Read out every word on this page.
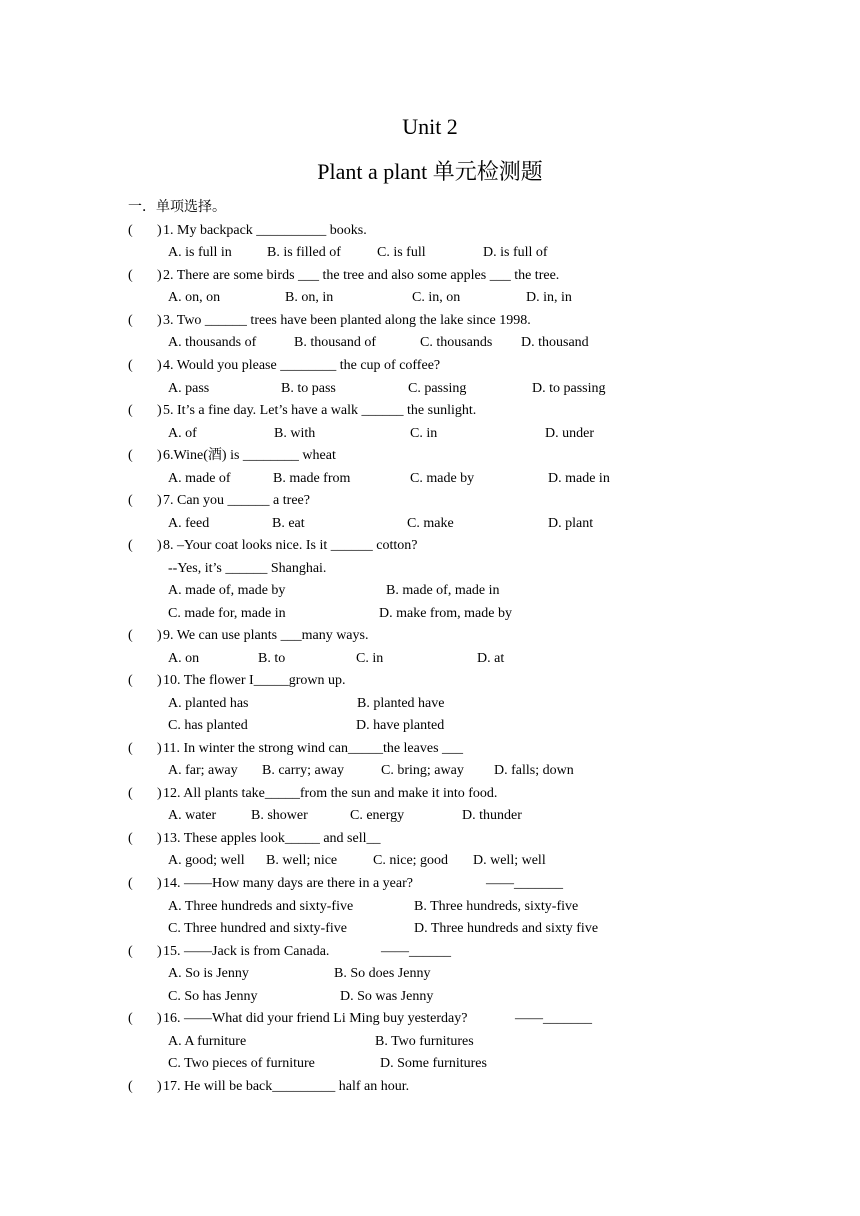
Unit 2
Plant a plant 单元检测题
一．单项选择。
( ) 1. My backpack __________ books.
A. is full in	B. is filled of	C. is full	D. is full of
( ) 2. There are some birds ___ the tree and also some apples ___ the tree.
A. on, on	B. on, in	C. in, on	D. in, in
( ) 3. Two ______ trees have been planted along the lake since 1998.
A. thousands of	B. thousand of	C. thousands D. thousand
( ) 4. Would you please ________ the cup of coffee?
A. pass	B. to pass	C. passing	D. to passing
( ) 5. It’s a fine day. Let’s have a walk ______ the sunlight.
A. of	B. with	C. in	D. under
( ) 6.Wine(酒) is ________ wheat
A. made of	B. made from	C. made by	D. made in
( ) 7. Can you ______ a tree?
A. feed	B. eat	C. make	D. plant
( ) 8. –Your coat looks nice. Is it ______ cotton?
--Yes, it’s ______ Shanghai.
A. made of, made by	B. made of, made in
C. made for, made in	D. make from, made by
( ) 9. We can use plants ___many ways.
A. on	B. to	C. in	D. at
( ) 10. The flower I_____grown up.
A. planted has	B. planted have
C. has planted	D. have planted
( ) 11. In winter the strong wind can_____the leaves ___
A. far; away B. carry; away	C. bring; away D. falls; down
( ) 12. All plants take_____from the sun and make it into food.
A. water B. shower	C. energy	D. thunder
( ) 13. These apples look_____ and sell__
A. good; well B. well; nice	C. nice; good D. well; well
( ) 14. ——How many days are there in a year?	——_______
A. Three hundreds and sixty-five	B. Three hundreds, sixty-five
C. Three hundred and sixty-five	D. Three hundreds and sixty five
( ) 15. ——Jack is from Canada.	——______
A. So is Jenny	B. So does Jenny
C. So has Jenny	D. So was Jenny
( ) 16. ——What did your friend Li Ming buy yesterday?	——_______
A. A furniture	B. Two furnitures
C. Two pieces of furniture	D. Some furnitures
( ) 17. He will be back_________ half an hour.
